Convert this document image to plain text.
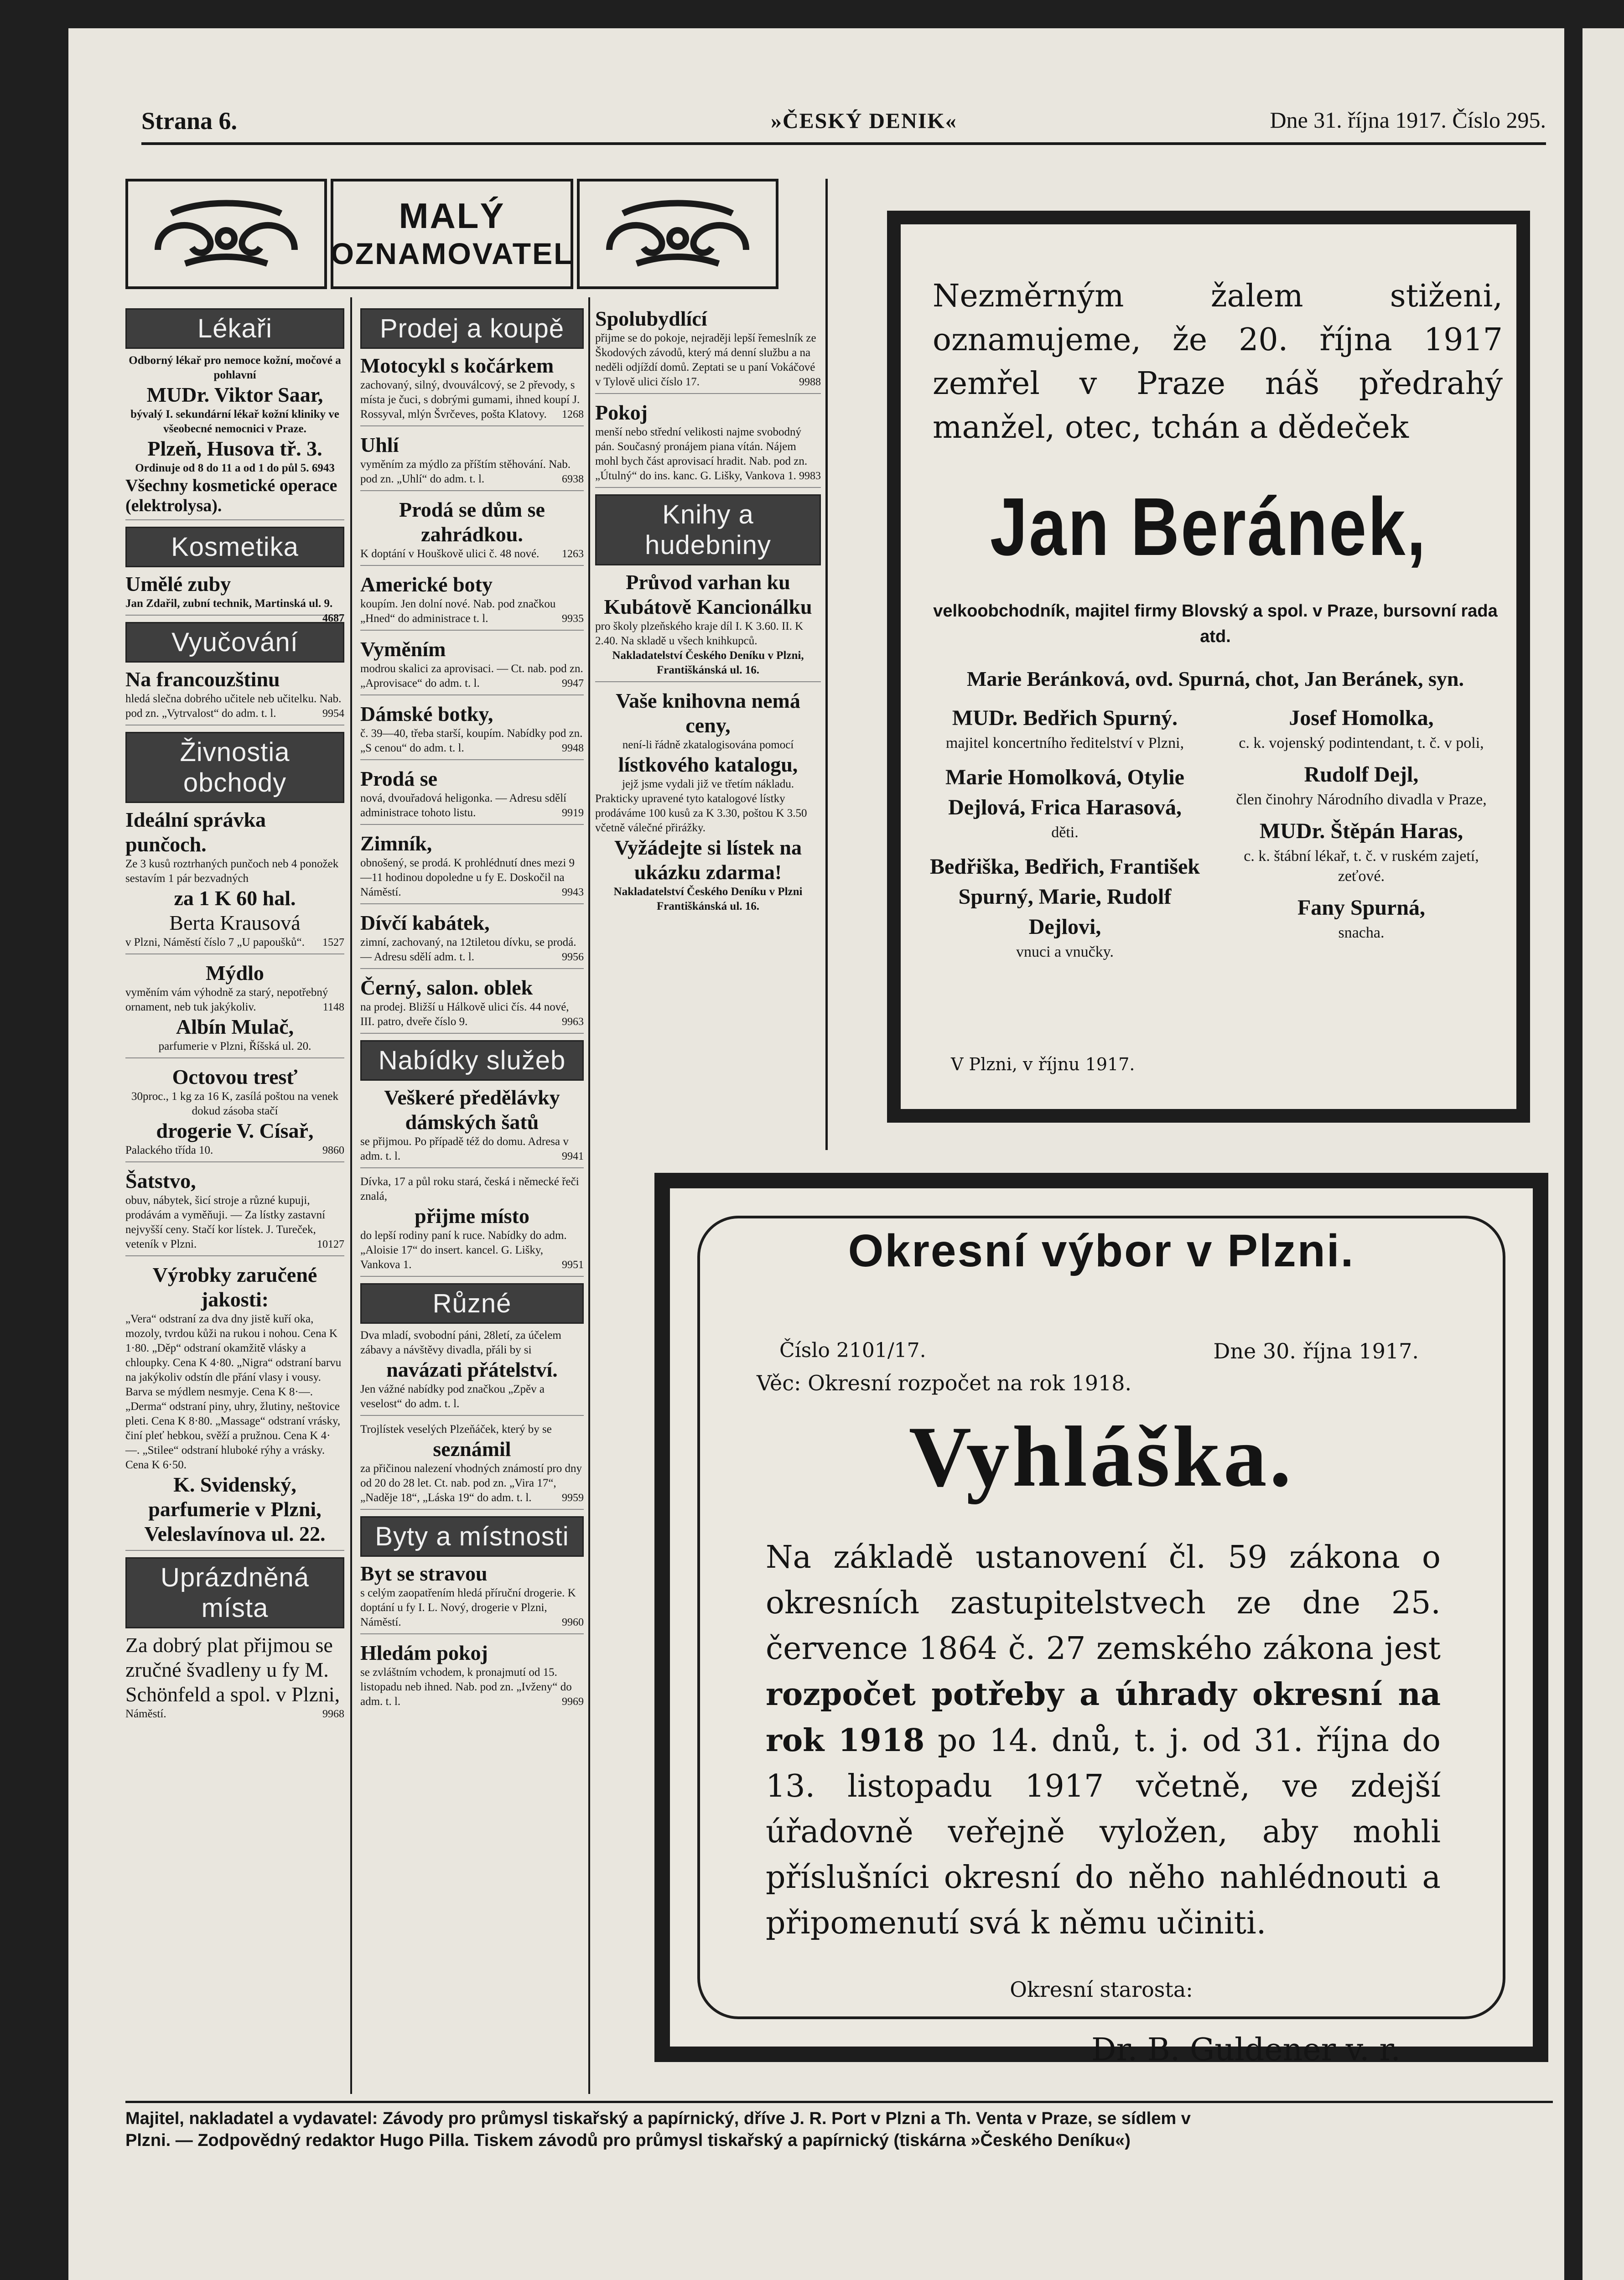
Strana 6.	»ČESKÝ DENIK«	Dne 31. října 1917. Číslo 295.
MALÝ
OZNAMOVATEL
Lékaři

Odborný lékař pro nemoce kožní, močové a pohlavní

MUDr. Viktor Saar,

bývalý I. sekundární lékař kožní kliniky ve všeobecné nemocnici v Praze.

Plzeň, Husova tř. 3.

Ordinuje od 8 do 11 a od 1 do půl 5. 6943

Všechny kosmetické operace (elektrolysa).

Kosmetika

Umělé zuby

Jan Zdařil, zubní technik, Martinská ul. 9.
4687

Vyučování

Na francouzštinu

hledá slečna dobrého učitele neb učitelku. Nab. pod zn. „Vytrvalost“ do adm. t. l.	9954

Živnostia obchody

Ideální správka punčoch.

Ze 3 kusů roztrhaných punčoch neb 4 ponožek sestavím 1 pár bezvadných

za 1 K 60 hal.

Berta Krausová

v Plzni, Náměstí číslo 7 „U papoušků“. 1527

Mýdlo

vyměním vám výhodně za starý, nepotřebný ornament, neb tuk jakýkoliv.	1148

Albín Mulač,

parfumerie v Plzni, Říšská ul. 20.

Octovou tresť

30proc., 1 kg za 16 K, zasílá poštou na venek dokud zásoba stačí

drogerie V. Císař,

Palackého třída 10.	9860

Šatstvo,

obuv, nábytek, šicí stroje a různé kupuji, prodávám a vyměňuji. — Za lístky zastavní nejvyšší ceny. Stačí kor lístek. J. Tureček, veteník v Plzni.	10127

Výrobky zaručené jakosti:

„Vera“ odstraní za dva dny jistě kuří oka, mozoly, tvrdou kůži na rukou i nohou. Cena K 1·80. „Děp“ odstraní okamžitě vlásky a chloupky. Cena K 4·80. „Nigra“ odstraní barvu na jakýkoliv odstín dle přání vlasy i vousy. Barva se mýdlem nesmyje. Cena K 8·—. „Derma“ odstraní piny, uhry, žlutiny, neštovice pleti. Cena K 8·80. „Massage“ odstraní vrásky, činí pleť hebkou, svěží a pružnou. Cena K 4·—. „Stilee“ odstraní hluboké rýhy a vrásky. Cena K 6·50.

K. Svidenský, parfumerie v Plzni, Veleslavínova ul. 22.

Uprázdněná místa

Za dobrý plat přijmou se zručné švadleny u fy M. Schönfeld a spol. v Plzni,

Náměstí.	9968

Prodej a koupě

Motocykl s kočárkem

zachovaný, silný, dvouválcový, se 2 převody, s místa je čuci, s dobrými gumami, ihned koupí J. Rossyval, mlýn Švrčeves, pošta Klatovy. 1268

Uhlí

vyměním za mýdlo za příštím stěhování. Nab. pod zn. „Uhlí“ do adm. t. l.	6938

Prodá se dům se zahrádkou.

K doptání v Houškově ulici č. 48 nové. 1263

Americké boty

koupím. Jen dolní nové. Nab. pod značkou „Hned“ do administrace t. l.	9935

Vyměním

modrou skalici za aprovisaci. — Ct. nab. pod zn. „Aprovisace“ do adm. t. l.	9947

Dámské botky,

č. 39—40, třeba starší, koupím. Nabídky pod zn. „S cenou“ do adm. t. l.	9948

Prodá se

nová, dvouřadová heligonka. — Adresu sdělí administrace tohoto listu.	9919

Zimník,

obnošený, se prodá. K prohlédnutí dnes mezi 9—11 hodinou dopoledne u fy E. Doskočil na Náměstí.	9943

Dívčí kabátek,

zimní, zachovaný, na 12tiletou dívku, se prodá. — Adresu sdělí adm. t. l.	9956

Černý, salon. oblek

na prodej. Bližší u Hálkově ulici čís. 44 nové, III. patro, dveře číslo 9.	9963

Nabídky služeb

Veškeré předělávky dámských šatů

se přijmou. Po případě též do domu. Adresa v adm. t. l.	9941

Dívka, 17 a půl roku stará, česká i německé řeči znalá,

přijme místo

do lepší rodiny paní k ruce. Nabídky do adm. „Aloisie 17“ do insert. kancel. G. Lišky, Vankova 1.	9951

Různé

Dva mladí, svobodní páni, 28letí, za účelem zábavy a návštěvy divadla, přáli by si

navázati přátelství.

Jen vážné nabídky pod značkou „Zpěv a veselost“ do adm. t. l.

Trojlístek veselých Plzeňáček, který by se

seznámil

za přičinou nalezení vhodných známostí pro dny od 20 do 28 let. Ct. nab. pod zn. „Vira 17“, „Naděje 18“, „Láska 19“ do adm. t. l.	9959

Byty a místnosti

Byt se stravou

s celým zaopatřením hledá příruční drogerie. K doptání u fy I. L. Nový, drogerie v Plzni, Náměstí.	9960

Hledám pokoj

se zvláštním vchodem, k pronajmutí od 15. listopadu neb ihned. Nab. pod zn. „Ivženy“ do adm. t. l.	9969

Spolubydlící

přijme se do pokoje, nejraději lepší řemeslník ze Škodových závodů, který má denní službu a na neděli odjíždí domů. Zeptati se u paní Vokáčové v Tylově ulici číslo 17.	9988

Pokoj

menší nebo střední velikosti najme svobodný pán. Současný pronájem piana vítán. Nájem mohl bych část aprovisací hradit. Nab. pod zn. „Útulný“ do ins. kanc. G. Lišky, Vankova 1. 9983

Knihy a hudebniny

Průvod varhan ku Kubátově Kancionálku

pro školy plzeňského kraje díl I. K 3.60. II. K 2.40. Na skladě u všech knihkupců.

Nakladatelství Českého Deníku v Plzni, Františkánská ul. 16.

Vaše knihovna nemá ceny,

není-li řádně zkatalogisována pomocí

lístkového katalogu,

jejž jsme vydali již ve třetím nákladu.

Prakticky upravené tyto katalogové lístky prodáváme 100 kusů za K 3.30, poštou K 3.50 včetně válečné přirážky.

Vyžádejte si lístek na ukázku zdarma!

Nakladatelství Českého Deníku v Plzni Františkánská ul. 16.

Nezměrným žalem stiženi, oznamujeme, že 20. října 1917 zemřel v Praze náš předrahý manžel, otec, tchán a dědeček
Jan Beránek,
velkoobchodník, majitel firmy Blovský a spol. v Praze, bursovní rada atd.
Marie Beránková, ovd. Spurná, chot, Jan Beránek, syn.
MUDr. Bedřich Spurný.
majitel koncertního ředitelství v Plzni,
Marie Homolková, Otylie Dejlová, Frica Harasová,
děti.
Bedřiška, Bedřich, František Spurný, Marie, Rudolf Dejlovi,
vnuci a vnučky.
Josef Homolka,
c. k. vojenský podintendant, t. č. v poli,
Rudolf Dejl,
člen činohry Národního divadla v Praze,
MUDr. Štěpán Haras,
c. k. štábní lékař, t. č. v ruském zajetí,
zeťové.
Fany Spurná,
snacha.
V Plzni, v říjnu 1917.
Okresní výbor v Plzni.
Číslo 2101/17.	Dne 30. října 1917.
Věc: Okresní rozpočet na rok 1918.
Vyhláška.
Na základě ustanovení čl. 59 zákona o okresních zastupitelstvech ze dne 25. července 1864 č. 27 zemského zákona jest rozpočet potřeby a úhrady okresní na rok 1918 po 14. dnů, t. j. od 31. října do 13. listopadu 1917 včetně, ve zdejší úřadovně veřejně vyložen, aby mohli příslušníci okresní do něho nahlédnouti a připomenutí svá k němu učiniti.
Okresní starosta:
Dr. B. Guldener v. r.
Majitel, nakladatel a vydavatel: Závody pro průmysl tiskařský a papírnický, dříve J. R. Port v Plzni a Th. Venta v Praze, se sídlem v
Plzni. — Zodpovědný redaktor Hugo Pilla. Tiskem závodů pro průmysl tiskařský a papírnický (tiskárna »Českého Deníku«)
